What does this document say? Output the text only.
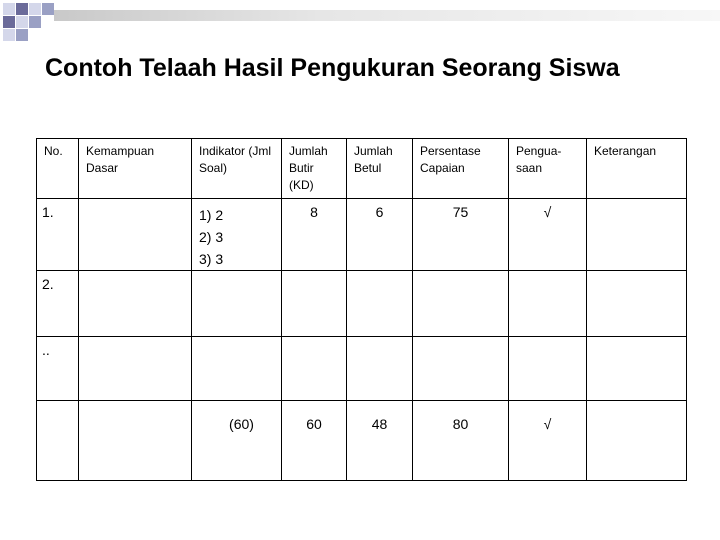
Contoh Telaah Hasil Pengukuran Seorang Siswa
No.	Kemampuan Dasar	Indikator (Jml Soal)	Jumlah Butir (KD)	Jumlah Betul	Persentase Capaian	Pengua- saan	Keterangan

1.		1) 2
2) 3
3) 3	8	6	75	√	

2.							

..							

		(60)	60	48	80	√	
